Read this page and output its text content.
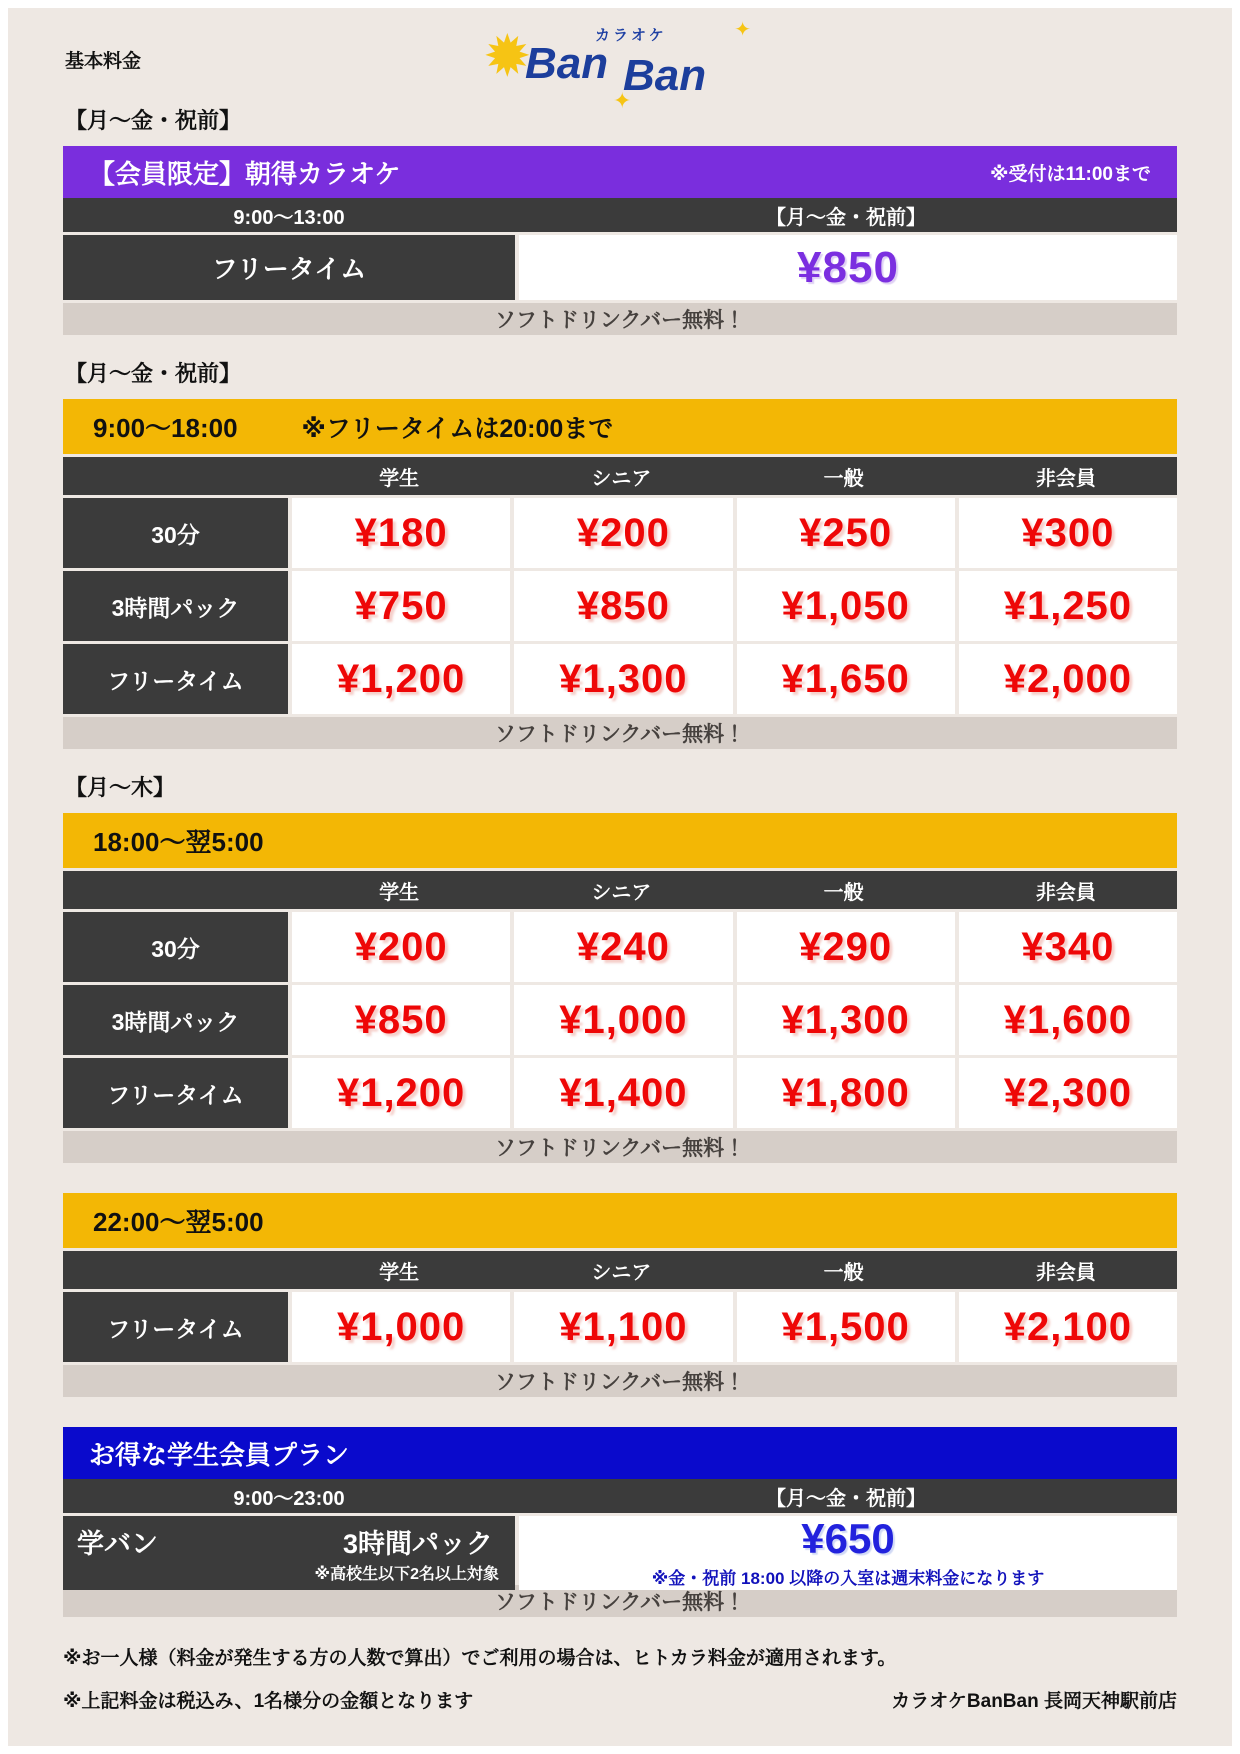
基本料金	✹	カラオケ
Ban Ban
✦
✦
【月～金・祝前】
【会員限定】朝得カラオケ	※受付は11:00まで
9:00～13:00	【月～金・祝前】
フリータイム	¥850
ソフトドリンクバー無料！
【月～金・祝前】
9:00～18:00	※フリータイムは20:00まで
学生	シニア	一般	非会員
30分	¥180	¥200	¥250	¥300
3時間パック	¥750	¥850	¥1,050	¥1,250
フリータイム	¥1,200	¥1,300	¥1,650	¥2,000
ソフトドリンクバー無料！
【月～木】
18:00～翌5:00
学生	シニア	一般	非会員
30分	¥200	¥240	¥290	¥340
3時間パック	¥850	¥1,000	¥1,300	¥1,600
フリータイム	¥1,200	¥1,400	¥1,800	¥2,300
ソフトドリンクバー無料！
22:00～翌5:00
学生	シニア	一般	非会員
フリータイム	¥1,000	¥1,100	¥1,500	¥2,100
ソフトドリンクバー無料！
お得な学生会員プラン
9:00～23:00	【月～金・祝前】
学バン	3時間パック
※高校生以下2名以上対象
¥650
※金・祝前 18:00 以降の入室は週末料金になります
ソフトドリンクバー無料！
※お一人様（料金が発生する方の人数で算出）でご利用の場合は、ヒトカラ料金が適用されます。
※上記料金は税込み、1名様分の金額となります	カラオケBanBan 長岡天神駅前店
